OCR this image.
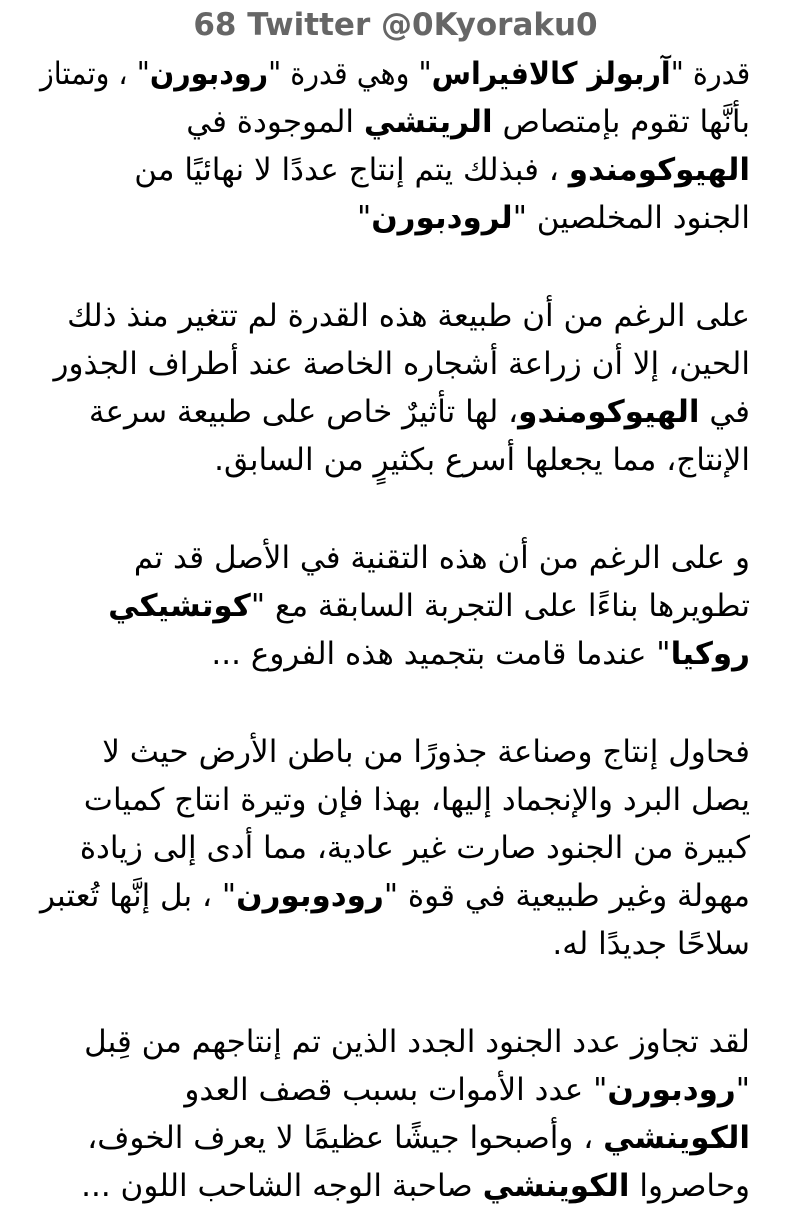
68 Twitter @0Kyoraku0
قدرة "آربولز كالافيراس" وهي قدرة "رودبورن" ، وتمتاز
بأنَّها تقوم بإمتصاص الريتشي الموجودة في
الهيوكومندو ، فبذلك يتم إنتاج عددًا لا نهائيًا من
الجنود المخلصين "لرودبورن"
على الرغم من أن طبيعة هذه القدرة لم تتغير منذ ذلك
الحين، إلا أن زراعة أشجاره الخاصة عند أطراف الجذور
في الهيوكومندو، لها تأثيرٌ خاص على طبيعة سرعة
الإنتاج، مما يجعلها أسرع بكثيرٍ من السابق.
و على الرغم من أن هذه التقنية في الأصل قد تم
تطويرها بناءًا على التجربة السابقة مع "كوتشيكي
روكيا" عندما قامت بتجميد هذه الفروع ...
فحاول إنتاج وصناعة جذورًا من باطن الأرض حيث لا
يصل البرد والإنجماد إليها، بهذا فإن وتيرة انتاج كميات
كبيرة من الجنود صارت غير عادية، مما أدى إلى زيادة
مهولة وغير طبيعية في قوة "رودوبورن" ، بل إنَّها تُعتبر
سلاحًا جديدًا له.
لقد تجاوز عدد الجنود الجدد الذين تم إنتاجهم من قِبل
"رودبورن" عدد الأموات بسبب قصف العدو
الكوينشي ، وأصبحوا جيشًا عظيمًا لا يعرف الخوف،
وحاصروا الكوينشي صاحبة الوجه الشاحب اللون ...
